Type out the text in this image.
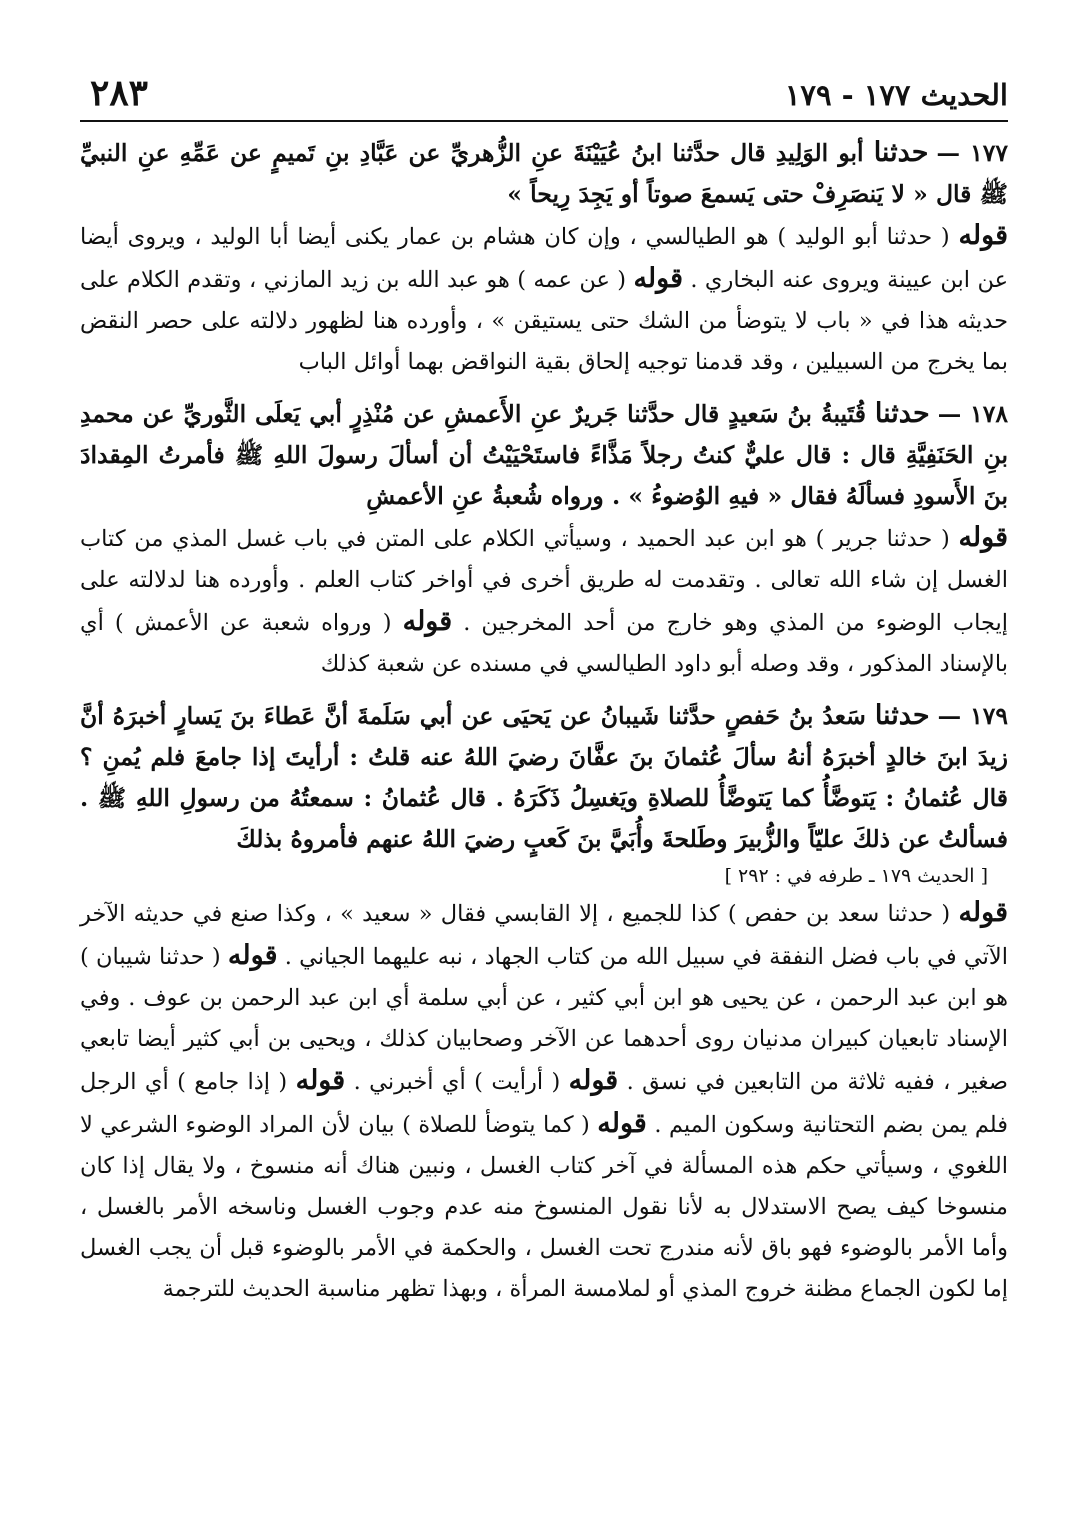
الحديث ١٧٧ - ١٧٩
٢٨٣

١٧٧ —حدثنا أبو الوَلِيدِ قال حدَّثنا ابنُ عُيَيْنَةَ عنِ الزُّهريِّ عن عَبَّادِ بنِ تَميمٍ عن عَمِّهِ عنِ النبيِّ ﷺ قال « لا يَنصَرِفْ حتى يَسمعَ صوتاً أو يَجِدَ رِيحاً »

قوله ( حدثنا أبو الوليد ) هو الطيالسي ، وإن كان هشام بن عمار يكنى أيضا أبا الوليد ، ويروى أيضا عن ابن عيينة ويروى عنه البخاري . قوله ( عن عمه ) هو عبد الله بن زيد المازني ، وتقدم الكلام على حديثه هذا في « باب لا يتوضأ من الشك حتى يستيقن » ، وأورده هنا لظهور دلالته على حصر النقض بما يخرج من السبيلين ، وقد قدمنا توجيه إلحاق بقية النواقض بهما أوائل الباب

١٧٨ —حدثنا قُتَيبةُ بنُ سَعيدٍ قال حدَّثنا جَريرٌ عنِ الأَعمشِ عن مُنْذِرٍ أبي يَعلَى الثَّوريِّ عن محمدِ بنِ الحَنَفِيَّةِ قال : قال عليٌّ كنتُ رجلاً مَذَّاءً فاستَحْيَيْتُ أن أسألَ رسولَ اللهِ ﷺ فأمرتُ المِقدادَ بنَ الأَسودِ فسألَهُ فقال « فيهِ الوُضوءُ » . ورواه شُعبةُ عنِ الأعمشِ

قوله ( حدثنا جرير ) هو ابن عبد الحميد ، وسيأتي الكلام على المتن في باب غسل المذي من كتاب الغسل إن شاء الله تعالى . وتقدمت له طريق أخرى في أواخر كتاب العلم . وأورده هنا لدلالته على إيجاب الوضوء من المذي وهو خارج من أحد المخرجين . قوله ( ورواه شعبة عن الأعمش ) أي بالإسناد المذكور ، وقد وصله أبو داود الطيالسي في مسنده عن شعبة كذلك

١٧٩ —حدثنا سَعدُ بنُ حَفصٍ حدَّثنا شَيبانُ عن يَحيَى عن أبي سَلَمةَ أنَّ عَطاءَ بنَ يَسارٍ أخبرَهُ أنَّ زيدَ ابنَ خالدٍ أخبرَهُ أنهُ سألَ عُثمانَ بنَ عفَّانَ رضيَ اللهُ عنه قلتُ : أرأيتَ إذا جامعَ فلم يُمنِ ؟ قال عُثمانُ : يَتوضَّأُ كما يَتوضَّأُ للصلاةِ ويَغسِلُ ذَكَرَهُ . قال عُثمانُ : سمعتُهُ من رسولِ اللهِ ﷺ . فسألتُ عن ذلكَ عليّاً والزُّبيرَ وطَلحةَ وأُبَيَّ بنَ كَعبٍ رضيَ اللهُ عنهم فأمروهُ بذلكَ

[ الحديث ١٧٩ ـ طرفه في : ٢٩٢ ]

قوله ( حدثنا سعد بن حفص ) كذا للجميع ، إلا القابسي فقال « سعيد » ، وكذا صنع في حديثه الآخر الآتي في باب فضل النفقة في سبيل الله من كتاب الجهاد ، نبه عليهما الجياني . قوله ( حدثنا شيبان ) هو ابن عبد الرحمن ، عن يحيى هو ابن أبي كثير ، عن أبي سلمة أي ابن عبد الرحمن بن عوف . وفي الإسناد تابعيان كبيران مدنيان روى أحدهما عن الآخر وصحابيان كذلك ، ويحيى بن أبي كثير أيضا تابعي صغير ، ففيه ثلاثة من التابعين في نسق . قوله ( أرأيت ) أي أخبرني . قوله ( إذا جامع ) أي الرجل فلم يمن بضم التحتانية وسكون الميم . قوله ( كما يتوضأ للصلاة ) بيان لأن المراد الوضوء الشرعي لا اللغوي ، وسيأتي حكم هذه المسألة في آخر كتاب الغسل ، ونبين هناك أنه منسوخ ، ولا يقال إذا كان منسوخا كيف يصح الاستدلال به لأنا نقول المنسوخ منه عدم وجوب الغسل وناسخه الأمر بالغسل ، وأما الأمر بالوضوء فهو باق لأنه مندرج تحت الغسل ، والحكمة في الأمر بالوضوء قبل أن يجب الغسل إما لكون الجماع مظنة خروج المذي أو لملامسة المرأة ، وبهذا تظهر مناسبة الحديث للترجمة
